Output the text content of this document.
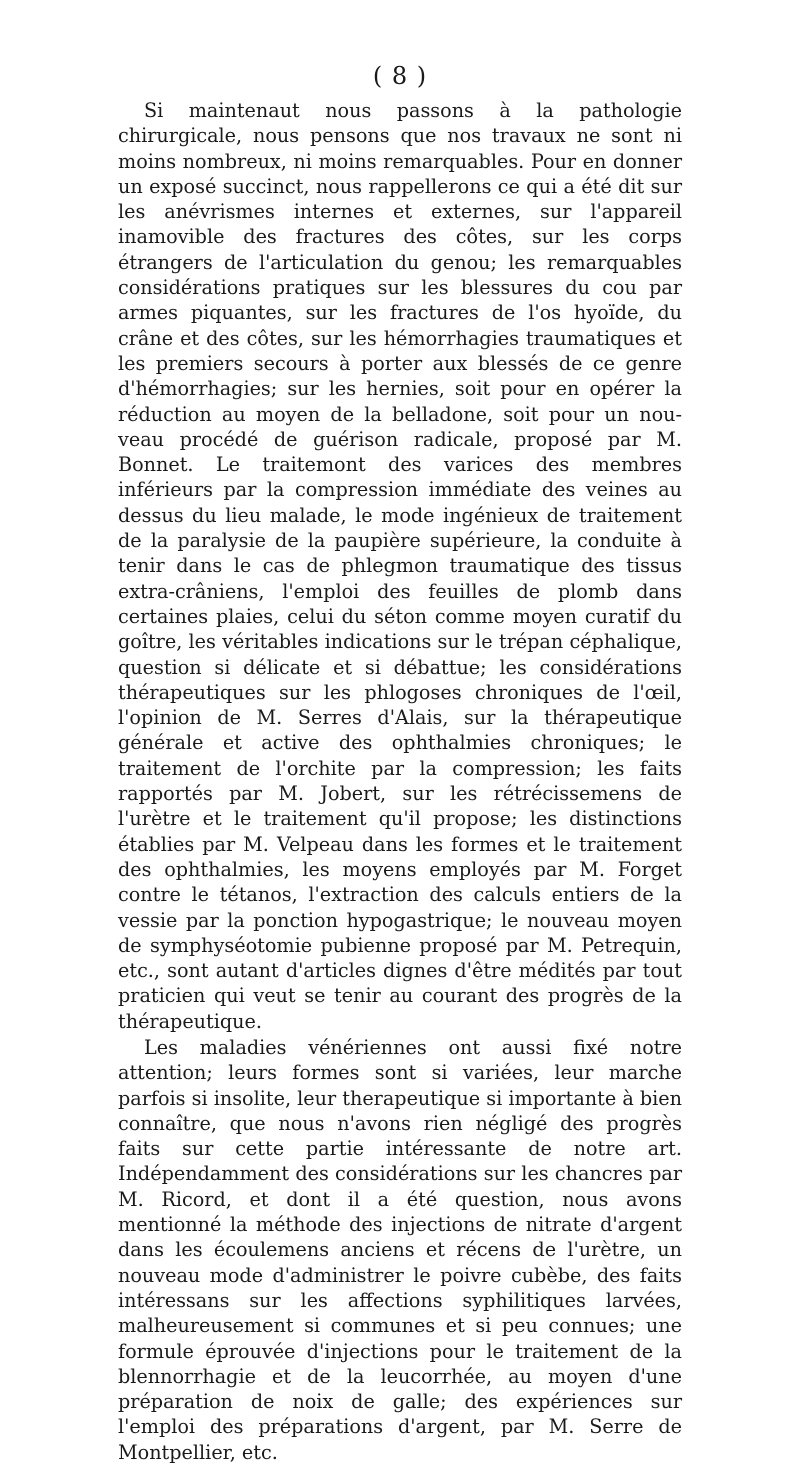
( 8 )

Si maintenaut nous passons à la pathologie chirurgicale, nous pensons que nos travaux ne sont ni moins nombreux, ni moins remarquables. Pour en donner un exposé succinct, nous rappellerons ce qui a été dit sur les anévrismes internes et externes, sur l'appareil inamovible des fractures des côtes, sur les corps étrangers de l'articulation du genou; les remarquables considérations pratiques sur les blessures du cou par armes piquantes, sur les fractures de l'os hyoïde, du crâne et des côtes, sur les hémorrhagies traumatiques et les premiers secours à porter aux blessés de ce genre d'hémorrhagies; sur les hernies, soit pour en opérer la réduction au moyen de la belladone, soit pour un nouveau procédé de guérison radicale, proposé par M. Bonnet. Le traitemont des varices des membres inférieurs par la compression immédiate des veines au dessus du lieu malade, le mode ingénieux de traitement de la paralysie de la paupière supérieure, la conduite à tenir dans le cas de phlegmon traumatique des tissus extra-crâniens, l'emploi des feuilles de plomb dans certaines plaies, celui du séton comme moyen curatif du goître, les véritables indications sur le trépan céphalique, question si délicate et si débattue; les considérations thérapeutiques sur les phlogoses chroniques de l'œil, l'opinion de M. Serres d'Alais, sur la thérapeutique générale et active des ophthalmies chroniques; le traitement de l'orchite par la compression; les faits rapportés par M. Jobert, sur les rétrécissemens de l'urètre et le traitement qu'il propose; les distinctions établies par M. Velpeau dans les formes et le traitement des ophthalmies, les moyens employés par M. Forget contre le tétanos, l'extraction des calculs entiers de la vessie par la ponction hypogastrique; le nouveau moyen de symphyséotomie pubienne proposé par M. Petrequin, etc., sont autant d'articles dignes d'être médités par tout praticien qui veut se tenir au courant des progrès de la thérapeutique.

Les maladies vénériennes ont aussi fixé notre attention; leurs formes sont si variées, leur marche parfois si insolite, leur therapeutique si importante à bien connaître, que nous n'avons rien négligé des progrès faits sur cette partie intéressante de notre art. Indépendamment des considérations sur les chancres par M. Ricord, et dont il a été question, nous avons mentionné la méthode des injections de nitrate d'argent dans les écoulemens anciens et récens de l'urètre, un nouveau mode d'administrer le poivre cubèbe, des faits intéressans sur les affections syphilitiques larvées, malheureusement si communes et si peu connues; une formule éprouvée d'injections pour le traitement de la blennorrhagie et de la leucorrhée, au moyen d'une préparation de noix de galle; des expériences sur l'emploi des préparations d'argent, par M. Serre de Montpellier, etc.
